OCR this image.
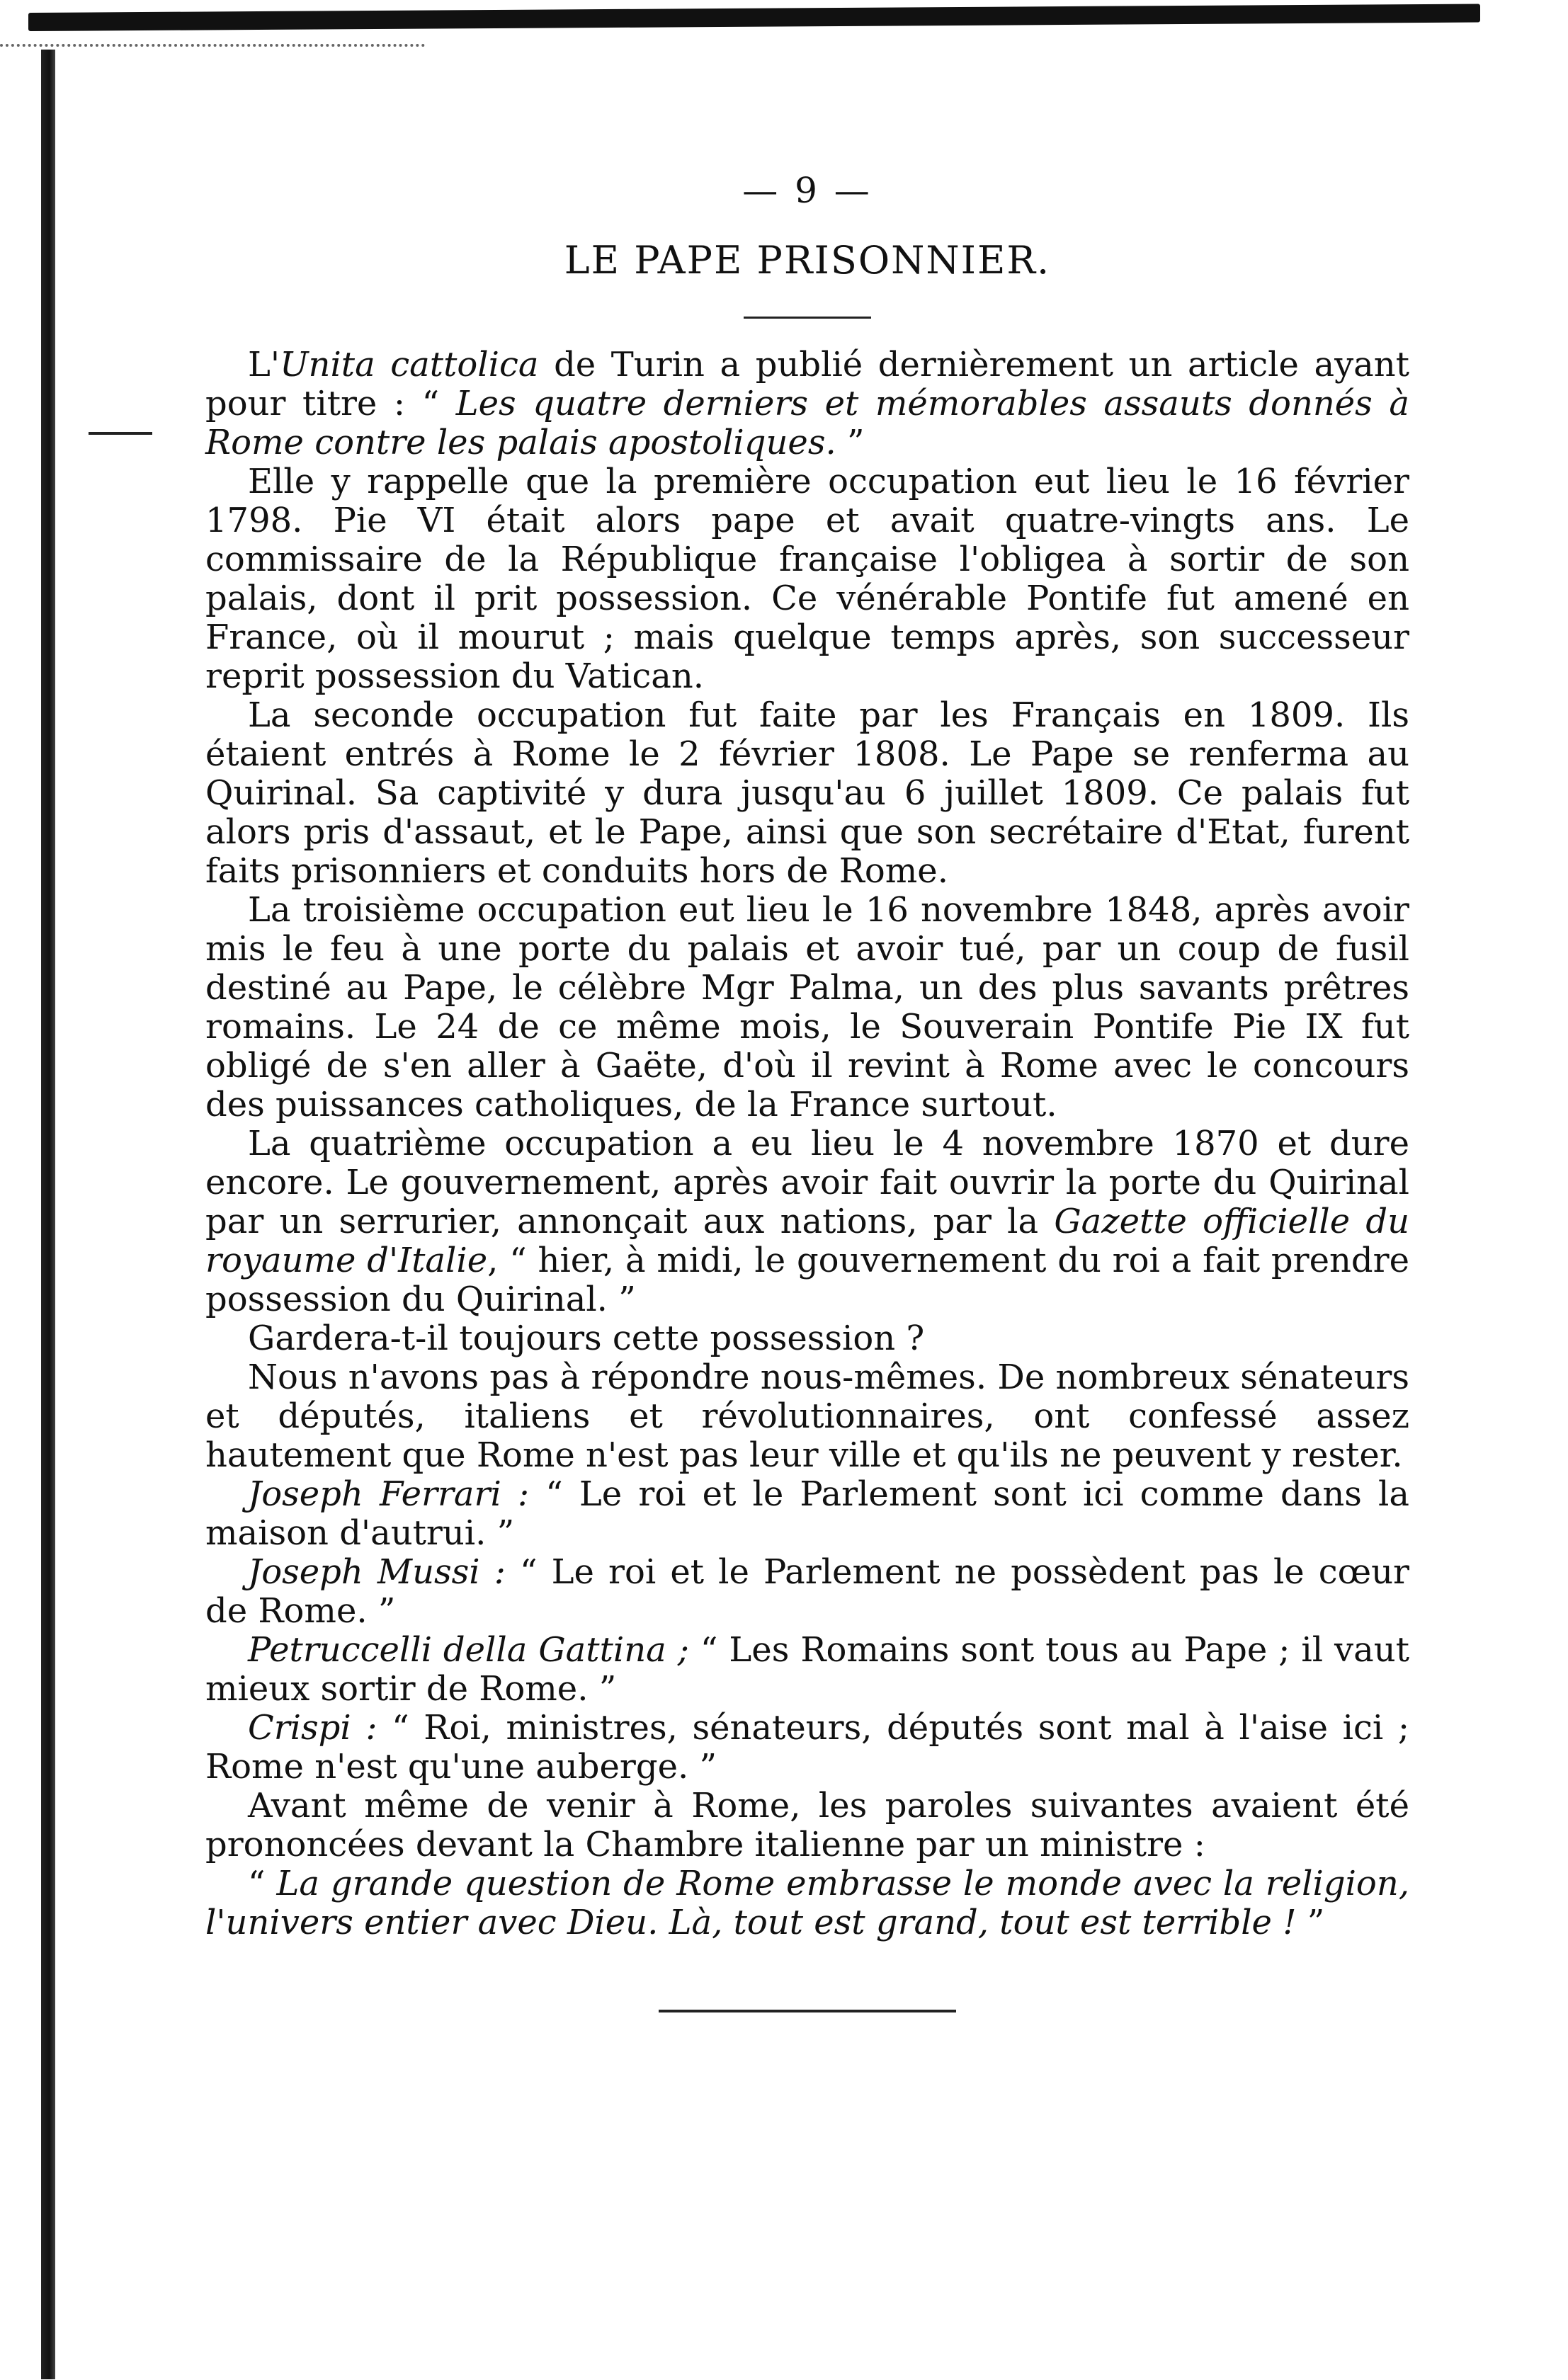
— 9 —
LE PAPE PRISONNIER.

L'Unita cattolica de Turin a publié dernièrement un article ayant pour titre : “ Les quatre derniers et mémorables assauts donnés à Rome contre les palais apostoliques. ”

Elle y rappelle que la première occupation eut lieu le 16 février 1798. Pie VI était alors pape et avait quatre-vingts ans. Le commissaire de la République française l'obligea à sortir de son palais, dont il prit possession. Ce vénérable Pontife fut amené en France, où il mourut ; mais quelque temps après, son successeur reprit possession du Vatican.

La seconde occupation fut faite par les Français en 1809. Ils étaient entrés à Rome le 2 février 1808. Le Pape se renferma au Quirinal. Sa captivité y dura jusqu'au 6 juillet 1809. Ce palais fut alors pris d'assaut, et le Pape, ainsi que son secrétaire d'Etat, furent faits prisonniers et conduits hors de Rome.

La troisième occupation eut lieu le 16 novembre 1848, après avoir mis le feu à une porte du palais et avoir tué, par un coup de fusil destiné au Pape, le célèbre Mgr Palma, un des plus savants prêtres romains. Le 24 de ce même mois, le Souverain Pontife Pie IX fut obligé de s'en aller à Gaëte, d'où il revint à Rome avec le concours des puissances catholiques, de la France surtout.

La quatrième occupation a eu lieu le 4 novembre 1870 et dure encore. Le gouvernement, après avoir fait ouvrir la porte du Quirinal par un serrurier, annonçait aux nations, par la Gazette officielle du royaume d'Italie, “ hier, à midi, le gouvernement du roi a fait prendre possession du Quirinal. ”

Gardera-t-il toujours cette possession ?

Nous n'avons pas à répondre nous-mêmes. De nombreux sénateurs et députés, italiens et révolutionnaires, ont confessé assez hautement que Rome n'est pas leur ville et qu'ils ne peuvent y rester.

Joseph Ferrari : “ Le roi et le Parlement sont ici comme dans la maison d'autrui. ”

Joseph Mussi : “ Le roi et le Parlement ne possèdent pas le cœur de Rome. ”

Petruccelli della Gattina ; “ Les Romains sont tous au Pape ; il vaut mieux sortir de Rome. ”

Crispi : “ Roi, ministres, sénateurs, députés sont mal à l'aise ici ; Rome n'est qu'une auberge. ”

Avant même de venir à Rome, les paroles suivantes avaient été prononcées devant la Chambre italienne par un ministre :

“ La grande question de Rome embrasse le monde avec la religion, l'univers entier avec Dieu. Là, tout est grand, tout est terrible ! ”
